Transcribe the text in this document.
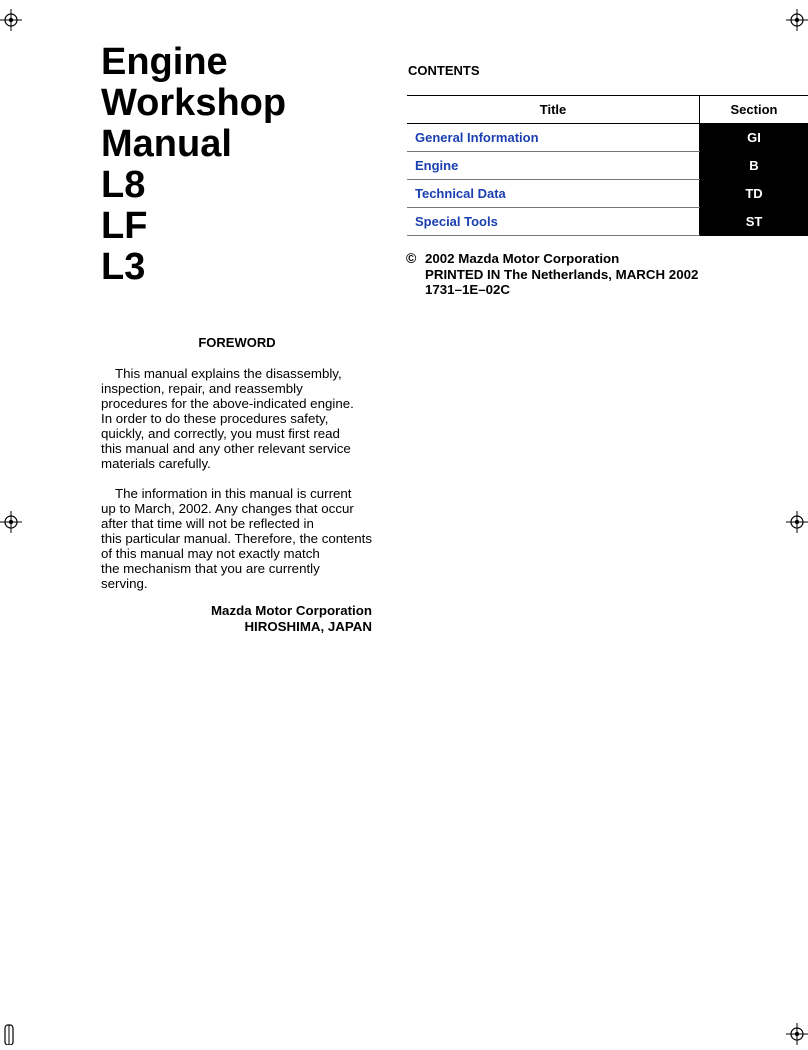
Engine
Workshop
Manual
L8
LF
L3
FOREWORD

This manual explains the disassembly,
inspection, repair, and reassembly
procedures for the above-indicated engine.
In order to do these procedures safety,
quickly, and correctly, you must first read
this manual and any other relevant service
materials carefully.

The information in this manual is current
up to March, 2002. Any changes that occur
after that time will not be reflected in
this particular manual. Therefore, the contents
of this manual may not exactly match
the mechanism that you are currently
serving.

Mazda Motor Corporation
HIROSHIMA, JAPAN
CONTENTS
Title	Section
General Information	GI
Engine	B
Technical Data	TD
Special Tools	ST
© 2002 Mazda Motor Corporation
PRINTED IN The Netherlands, MARCH 2002
1731–1E–02C
